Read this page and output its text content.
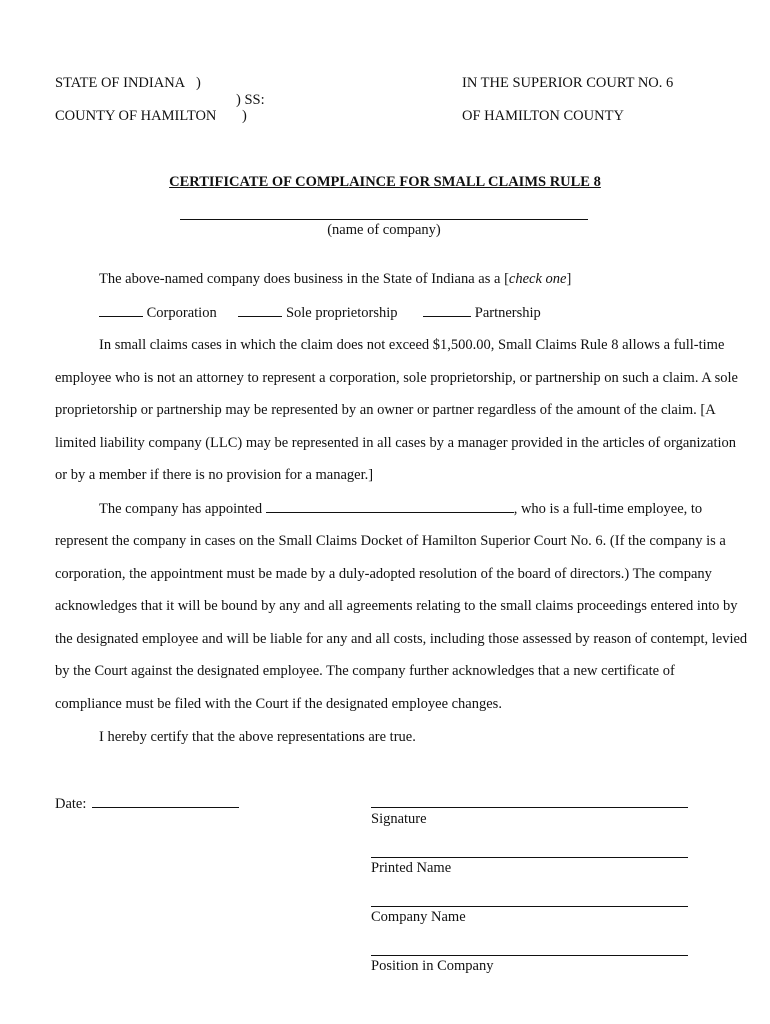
STATE OF INDIANA )
) SS:
COUNTY OF HAMILTON )
IN THE SUPERIOR COURT NO. 6
OF HAMILTON COUNTY
CERTIFICATE OF COMPLAINCE FOR SMALL CLAIMS RULE 8
(name of company)
The above-named company does business in the State of Indiana as a [check one]
Corporation	Sole proprietorship	Partnership
In small claims cases in which the claim does not exceed $1,500.00, Small Claims Rule 8 allows a full-time
employee who is not an attorney to represent a corporation, sole proprietorship, or partnership on such a claim. A sole
proprietorship or partnership may be represented by an owner or partner regardless of the amount of the claim. [A
limited liability company (LLC) may be represented in all cases by a manager provided in the articles of organization
or by a member if there is no provision for a manager.]
The company has appointed	, who is a full-time employee, to
represent the company in cases on the Small Claims Docket of Hamilton Superior Court No. 6. (If the company is a
corporation, the appointment must be made by a duly-adopted resolution of the board of directors.) The company
acknowledges that it will be bound by any and all agreements relating to the small claims proceedings entered into by
the designated employee and will be liable for any and all costs, including those assessed by reason of contempt, levied
by the Court against the designated employee. The company further acknowledges that a new certificate of
compliance must be filed with the Court if the designated employee changes.
I hereby certify that the above representations are true.
Date:
Signature
Printed Name
Company Name
Position in Company
